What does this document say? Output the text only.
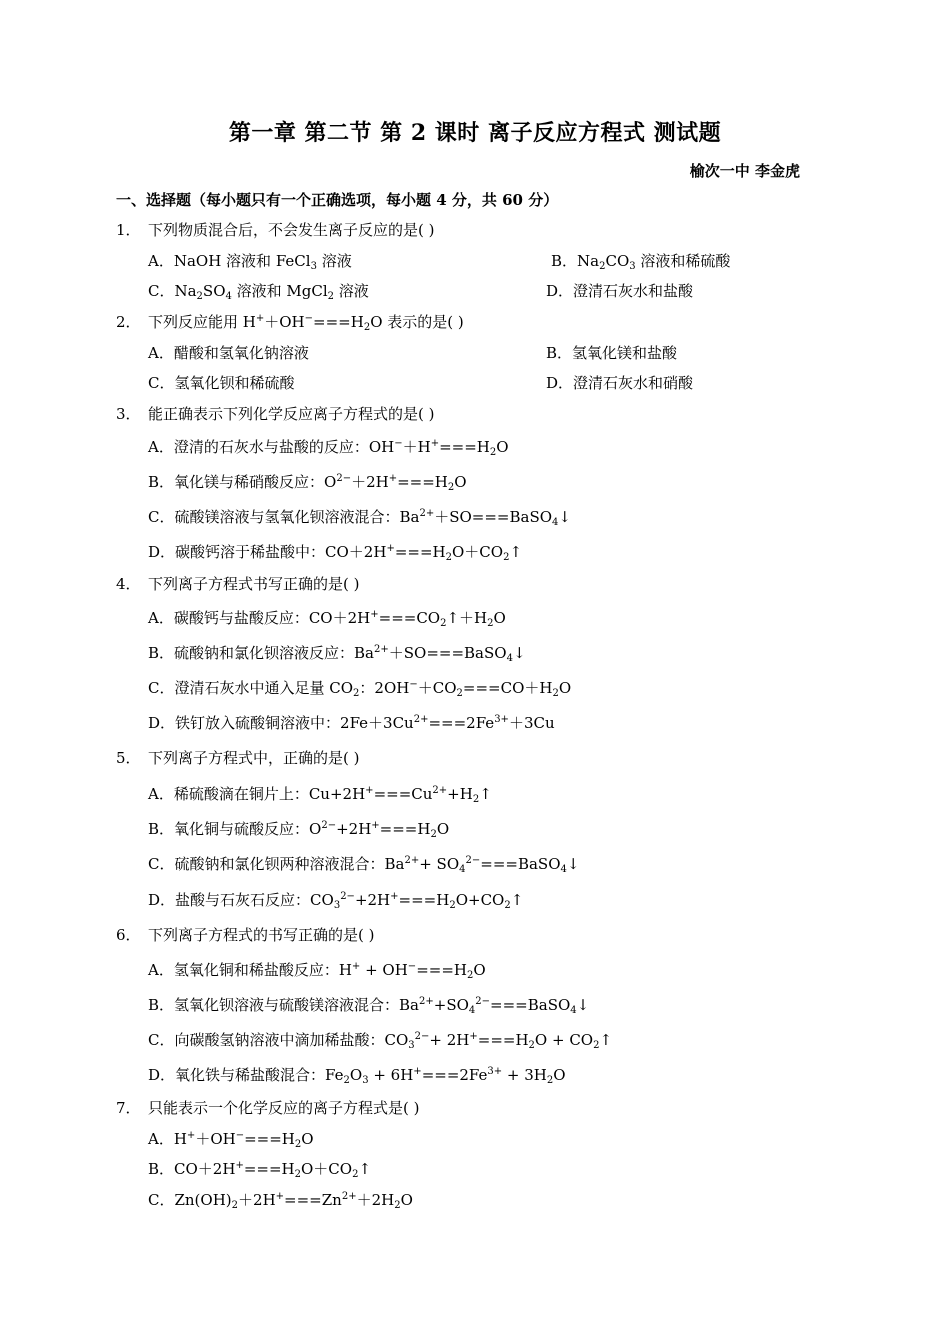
第一章 第二节 第 2 课时 离子反应方程式 测试题
榆次一中 李金虎
一、选择题（每小题只有一个正确选项，每小题 4 分，共 60 分）
1． 下列物质混合后，不会发生离子反应的是( )
A．NaOH 溶液和 FeCl$_3$ 溶液	B．$Na_2CO_3$ 溶液和稀硫酸
C．$Na_2SO_4$ 溶液和 MgCl$_2$ 溶液	D．澄清石灰水和盐酸
2． 下列反应能用 $H^++OH^-===H_2O$ 表示的是( )
A．醋酸和氢氧化钠溶液	B．氢氧化镁和盐酸
C．氢氧化钡和稀硫酸	D．澄清石灰水和硝酸
3． 能正确表示下列化学反应离子方程式的是( )
A．澄清的石灰水与盐酸的反应：$OH^-+H^+===H_2O$
B．氧化镁与稀硝酸反应：$O^{2-}+2H^+===H_2O$
C．硫酸镁溶液与氢氧化钡溶液混合：$Ba^{2+}+SO===BaSO_4↓$
D．碳酸钙溶于稀盐酸中：$CO+2H^+===H_2O+CO_2↑$
4． 下列离子方程式书写正确的是( )
A．碳酸钙与盐酸反应：$CO+2H^+===CO_2↑+H_2O$
B．硫酸钠和氯化钡溶液反应：$Ba^{2+}+SO===BaSO_4↓$
C．澄清石灰水中通入足量 $CO_2$：$2OH^-+CO_2===CO+H_2O$
D．铁钉放入硫酸铜溶液中：$2Fe+3Cu^{2+}===2Fe^{3+}+3Cu$
5． 下列离子方程式中，正确的是( )
A．稀硫酸滴在铜片上：$Cu+2H^+===Cu^{2+}+H_2↑$
B．氧化铜与硫酸反应：$O^{2-}+2H^+===H_2O$
C．硫酸钠和氯化钡两种溶液混合：$Ba^{2+}+$ $SO_4^{2-}===BaSO_4↓$
D．盐酸与石灰石反应：$CO_3^{2-}+2H^+===H_2O+CO_2↑$
6． 下列离子方程式的书写正确的是( )
A．氢氧化铜和稀盐酸反应：$H^+ + OH^-===H_2O$
B．氢氧化钡溶液与硫酸镁溶液混合：$Ba^{2+}+SO_4^{2-}===BaSO_4↓$
C．向碳酸氢钠溶液中滴加稀盐酸：$CO_3^{2-}+ 2H^+===H_2O$ + $CO_2↑$
D．氧化铁与稀盐酸混合：$Fe_2O_3 + 6H^+===2Fe^{3+} + 3H_2O$
7． 只能表示一个化学反应的离子方程式是( )
A．$H^++OH^-===H_2O$
B．$CO+2H^+===H_2O+CO_2↑$
C．$Zn(OH)_2+2H^+===Zn^{2+}+2H_2O$
